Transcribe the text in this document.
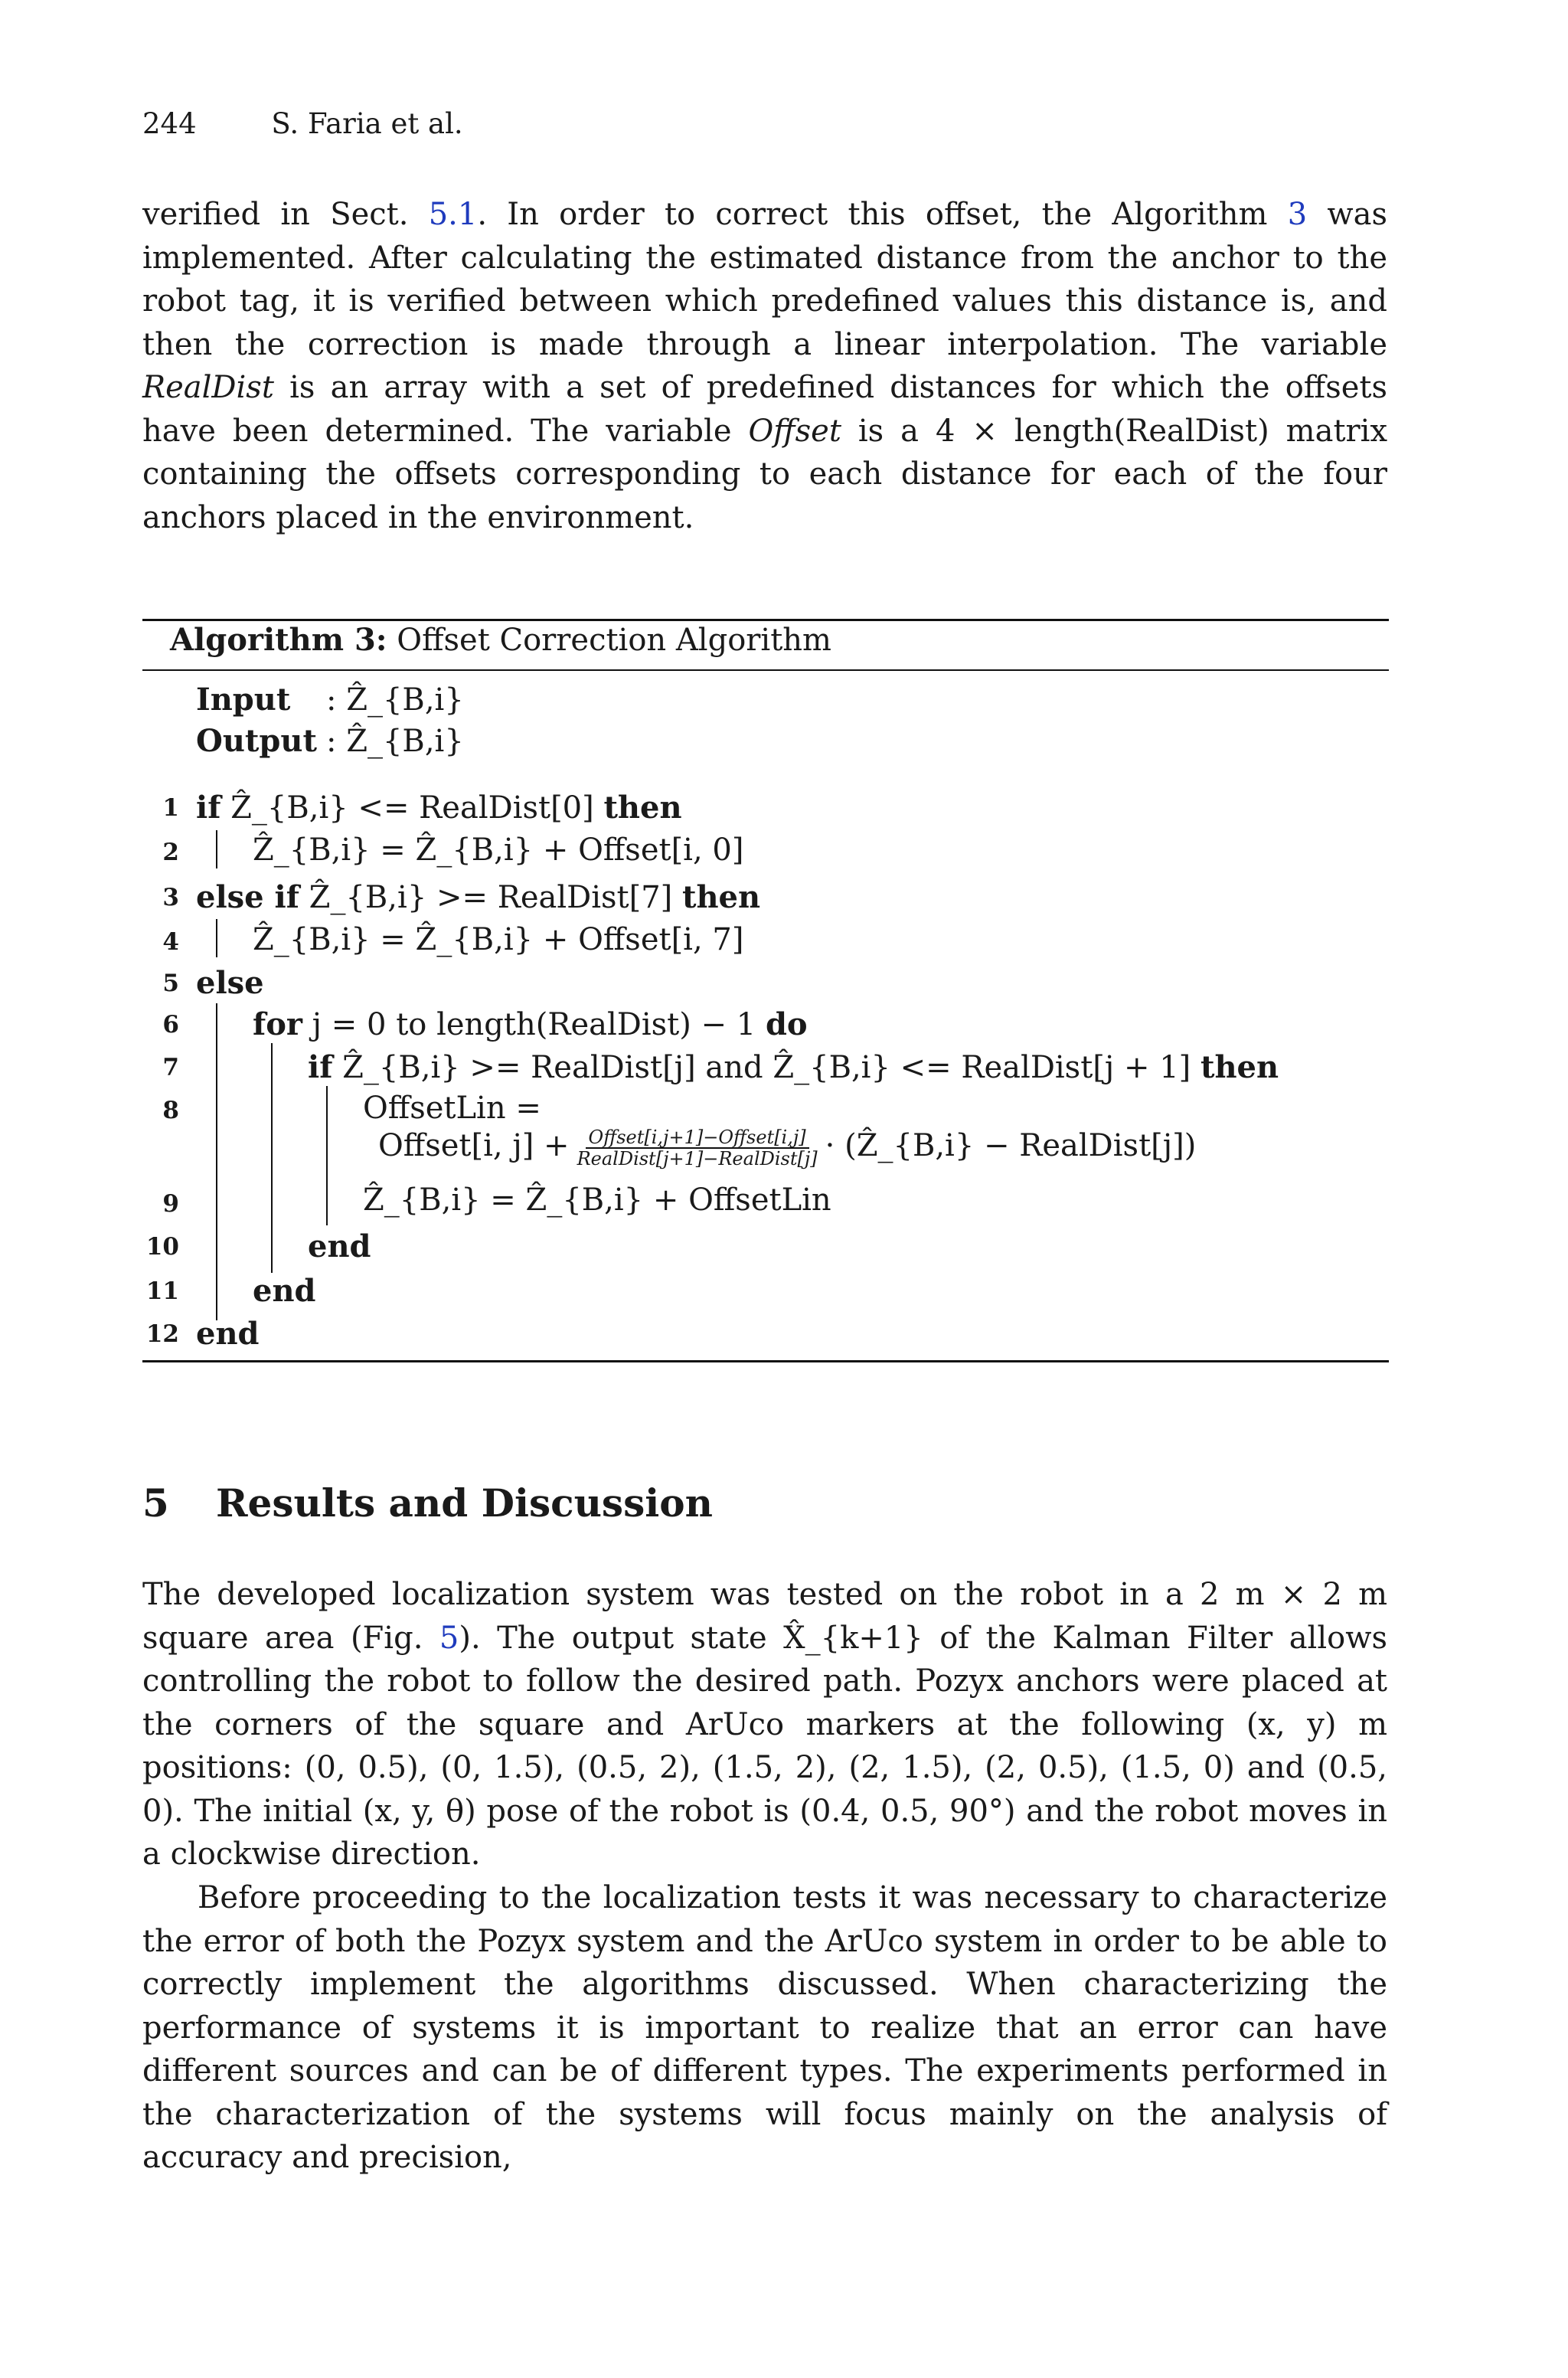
244	S. Faria et al.

verified in Sect. 5.1. In order to correct this offset, the Algorithm 3 was implemented. After calculating the estimated distance from the anchor to the robot tag, it is verified between which predefined values this distance is, and then the correction is made through a linear interpolation. The variable RealDist is an array with a set of predefined distances for which the offsets have been determined. The variable Offset is a 4 × length(RealDist) matrix containing the offsets corresponding to each distance for each of the four anchors placed in the environment.

Algorithm 3: Offset Correction Algorithm
Input : Ẑ_{B,i}
Output : Ẑ_{B,i}
1 if Ẑ_{B,i} <= RealDist[0] then
2 Ẑ_{B,i} = Ẑ_{B,i} + Offset[i, 0]
3 else if Ẑ_{B,i} >= RealDist[7] then
4 Ẑ_{B,i} = Ẑ_{B,i} + Offset[i, 7]
5 else
6 for j = 0 to length(RealDist) − 1 do
7	if Ẑ_{B,i} >= RealDist[j] and Ẑ_{B,i} <= RealDist[j + 1] then
8	OffsetLin =
Offset[i, $j] + \frac{\text{Offset[i,j+1]−Offset[i,j]}}{\text{RealDist[j+1]−RealDist[j]}}$ · (Ẑ_{B,i} − RealDist[j])
9	Ẑ_{B,i} = Ẑ_{B,i} + OffsetLin
10	end
11 end
12 end
5 Results and Discussion

The developed localization system was tested on the robot in a 2 m × 2 m square area (Fig. 5). The output state X̂_{k+1} of the Kalman Filter allows controlling the robot to follow the desired path. Pozyx anchors were placed at the corners of the square and ArUco markers at the following (x, y) m positions: (0, 0.5), (0, 1.5), (0.5, 2), (1.5, 2), (2, 1.5), (2, 0.5), (1.5, 0) and (0.5, 0). The initial (x, y, θ) pose of the robot is (0.4, 0.5, 90°) and the robot moves in a clockwise direction.

Before proceeding to the localization tests it was necessary to characterize the error of both the Pozyx system and the ArUco system in order to be able to correctly implement the algorithms discussed. When characterizing the performance of systems it is important to realize that an error can have different sources and can be of different types. The experiments performed in the characterization of the systems will focus mainly on the analysis of accuracy and precision,
